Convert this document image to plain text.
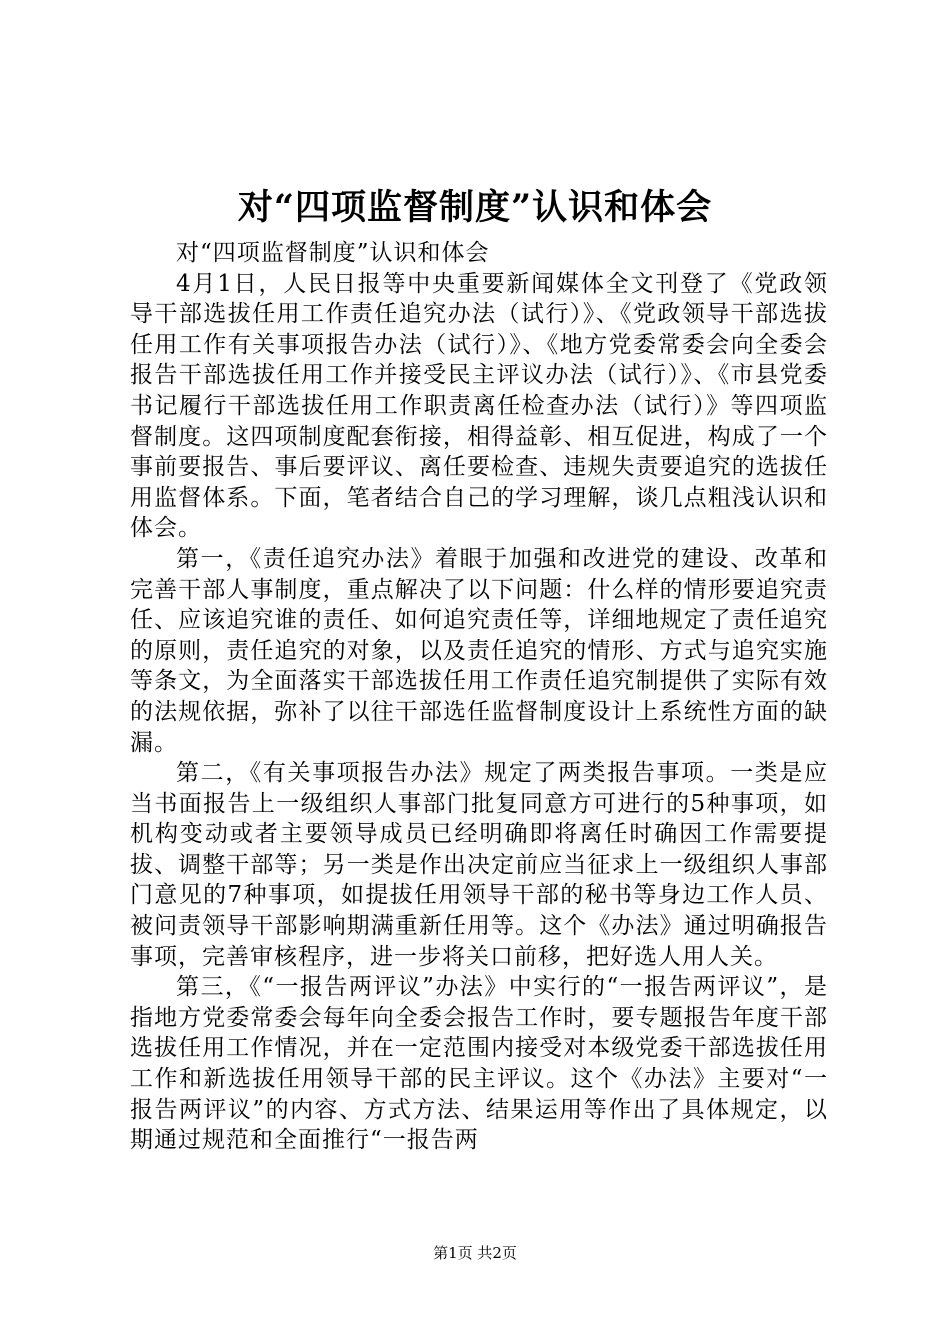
对“四项监督制度”认识和体会

对“四项监督制度”认识和体会

4月1日，人民日报等中央重要新闻媒体全文刊登了《党政领导干部选拔任用工作责任追究办法（试行）》、《党政领导干部选拔任用工作有关事项报告办法（试行）》、《地方党委常委会向全委会报告干部选拔任用工作并接受民主评议办法（试行）》、《市县党委书记履行干部选拔任用工作职责离任检查办法（试行）》等四项监督制度。这四项制度配套衔接，相得益彰、相互促进，构成了一个事前要报告、事后要评议、离任要检查、违规失责要追究的选拔任用监督体系。下面，笔者结合自己的学习理解，谈几点粗浅认识和体会。

第一，《责任追究办法》着眼于加强和改进党的建设、改革和完善干部人事制度，重点解决了以下问题：什么样的情形要追究责任、应该追究谁的责任、如何追究责任等，详细地规定了责任追究的原则，责任追究的对象，以及责任追究的情形、方式与追究实施等条文，为全面落实干部选拔任用工作责任追究制提供了实际有效的法规依据，弥补了以往干部选任监督制度设计上系统性方面的缺漏。

第二，《有关事项报告办法》规定了两类报告事项。一类是应当书面报告上一级组织人事部门批复同意方可进行的5种事项，如机构变动或者主要领导成员已经明确即将离任时确因工作需要提拔、调整干部等；另一类是作出决定前应当征求上一级组织人事部门意见的7种事项，如提拔任用领导干部的秘书等身边工作人员、被问责领导干部影响期满重新任用等。这个《办法》通过明确报告事项，完善审核程序，进一步将关口前移，把好选人用人关。

第三，《“一报告两评议”办法》中实行的“一报告两评议”，是指地方党委常委会每年向全委会报告工作时，要专题报告年度干部选拔任用工作情况，并在一定范围内接受对本级党委干部选拔任用工作和新选拔任用领导干部的民主评议。这个《办法》主要对“一报告两评议”的内容、方式方法、结果运用等作出了具体规定，以期通过规范和全面推行“一报告两

第1页 共2页
